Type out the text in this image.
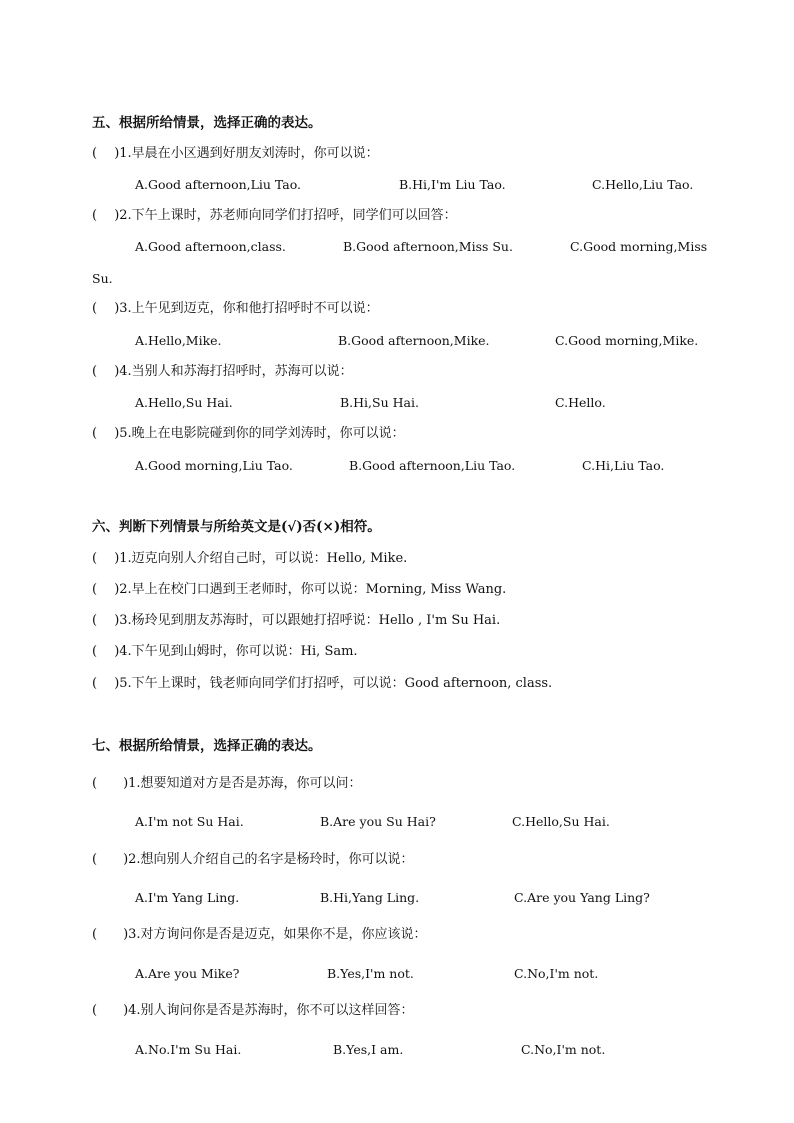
五、根据所给情景，选择正确的表达。
(　 )1.早晨在小区遇到好朋友刘涛时，你可以说：
A.Good afternoon,Liu Tao.	B.Hi,I'm Liu Tao.	C.Hello,Liu Tao.
(　 )2.下午上课时，苏老师向同学们打招呼，同学们可以回答：
A.Good afternoon,class.	B.Good afternoon,Miss Su.	C.Good morning,Miss
Su.
(　 )3.上午见到迈克，你和他打招呼时不可以说：
A.Hello,Mike.	B.Good afternoon,Mike.	C.Good morning,Mike.
(　 )4.当别人和苏海打招呼时，苏海可以说：
A.Hello,Su Hai.	B.Hi,Su Hai.	C.Hello.
(　 )5.晚上在电影院碰到你的同学刘涛时，你可以说：
A.Good morning,Liu Tao.	B.Good afternoon,Liu Tao.	C.Hi,Liu Tao.
六、判断下列情景与所给英文是(√)否(×)相符。
(　 )1.迈克向别人介绍自己时，可以说：Hello, Mike.
(　 )2.早上在校门口遇到王老师时，你可以说：Morning, Miss Wang.
(　 )3.杨玲见到朋友苏海时，可以跟她打招呼说：Hello , I'm Su Hai.
(　 )4.下午见到山姆时，你可以说：Hi, Sam.
(　 )5.下午上课时，钱老师向同学们打招呼，可以说：Good afternoon, class.
七、根据所给情景，选择正确的表达。
(　　)1.想要知道对方是否是苏海，你可以问：
A.I'm not Su Hai.	B.Are you Su Hai?	C.Hello,Su Hai.
(　　)2.想向别人介绍自己的名字是杨玲时，你可以说：
A.I'm Yang Ling.	B.Hi,Yang Ling.	C.Are you Yang Ling?
(　　)3.对方询问你是否是迈克，如果你不是，你应该说：
A.Are you Mike?	B.Yes,I'm not.	C.No,I'm not.
(　　)4.别人询问你是否是苏海时，你不可以这样回答：
A.No.I'm Su Hai.	B.Yes,I am.	C.No,I'm not.
